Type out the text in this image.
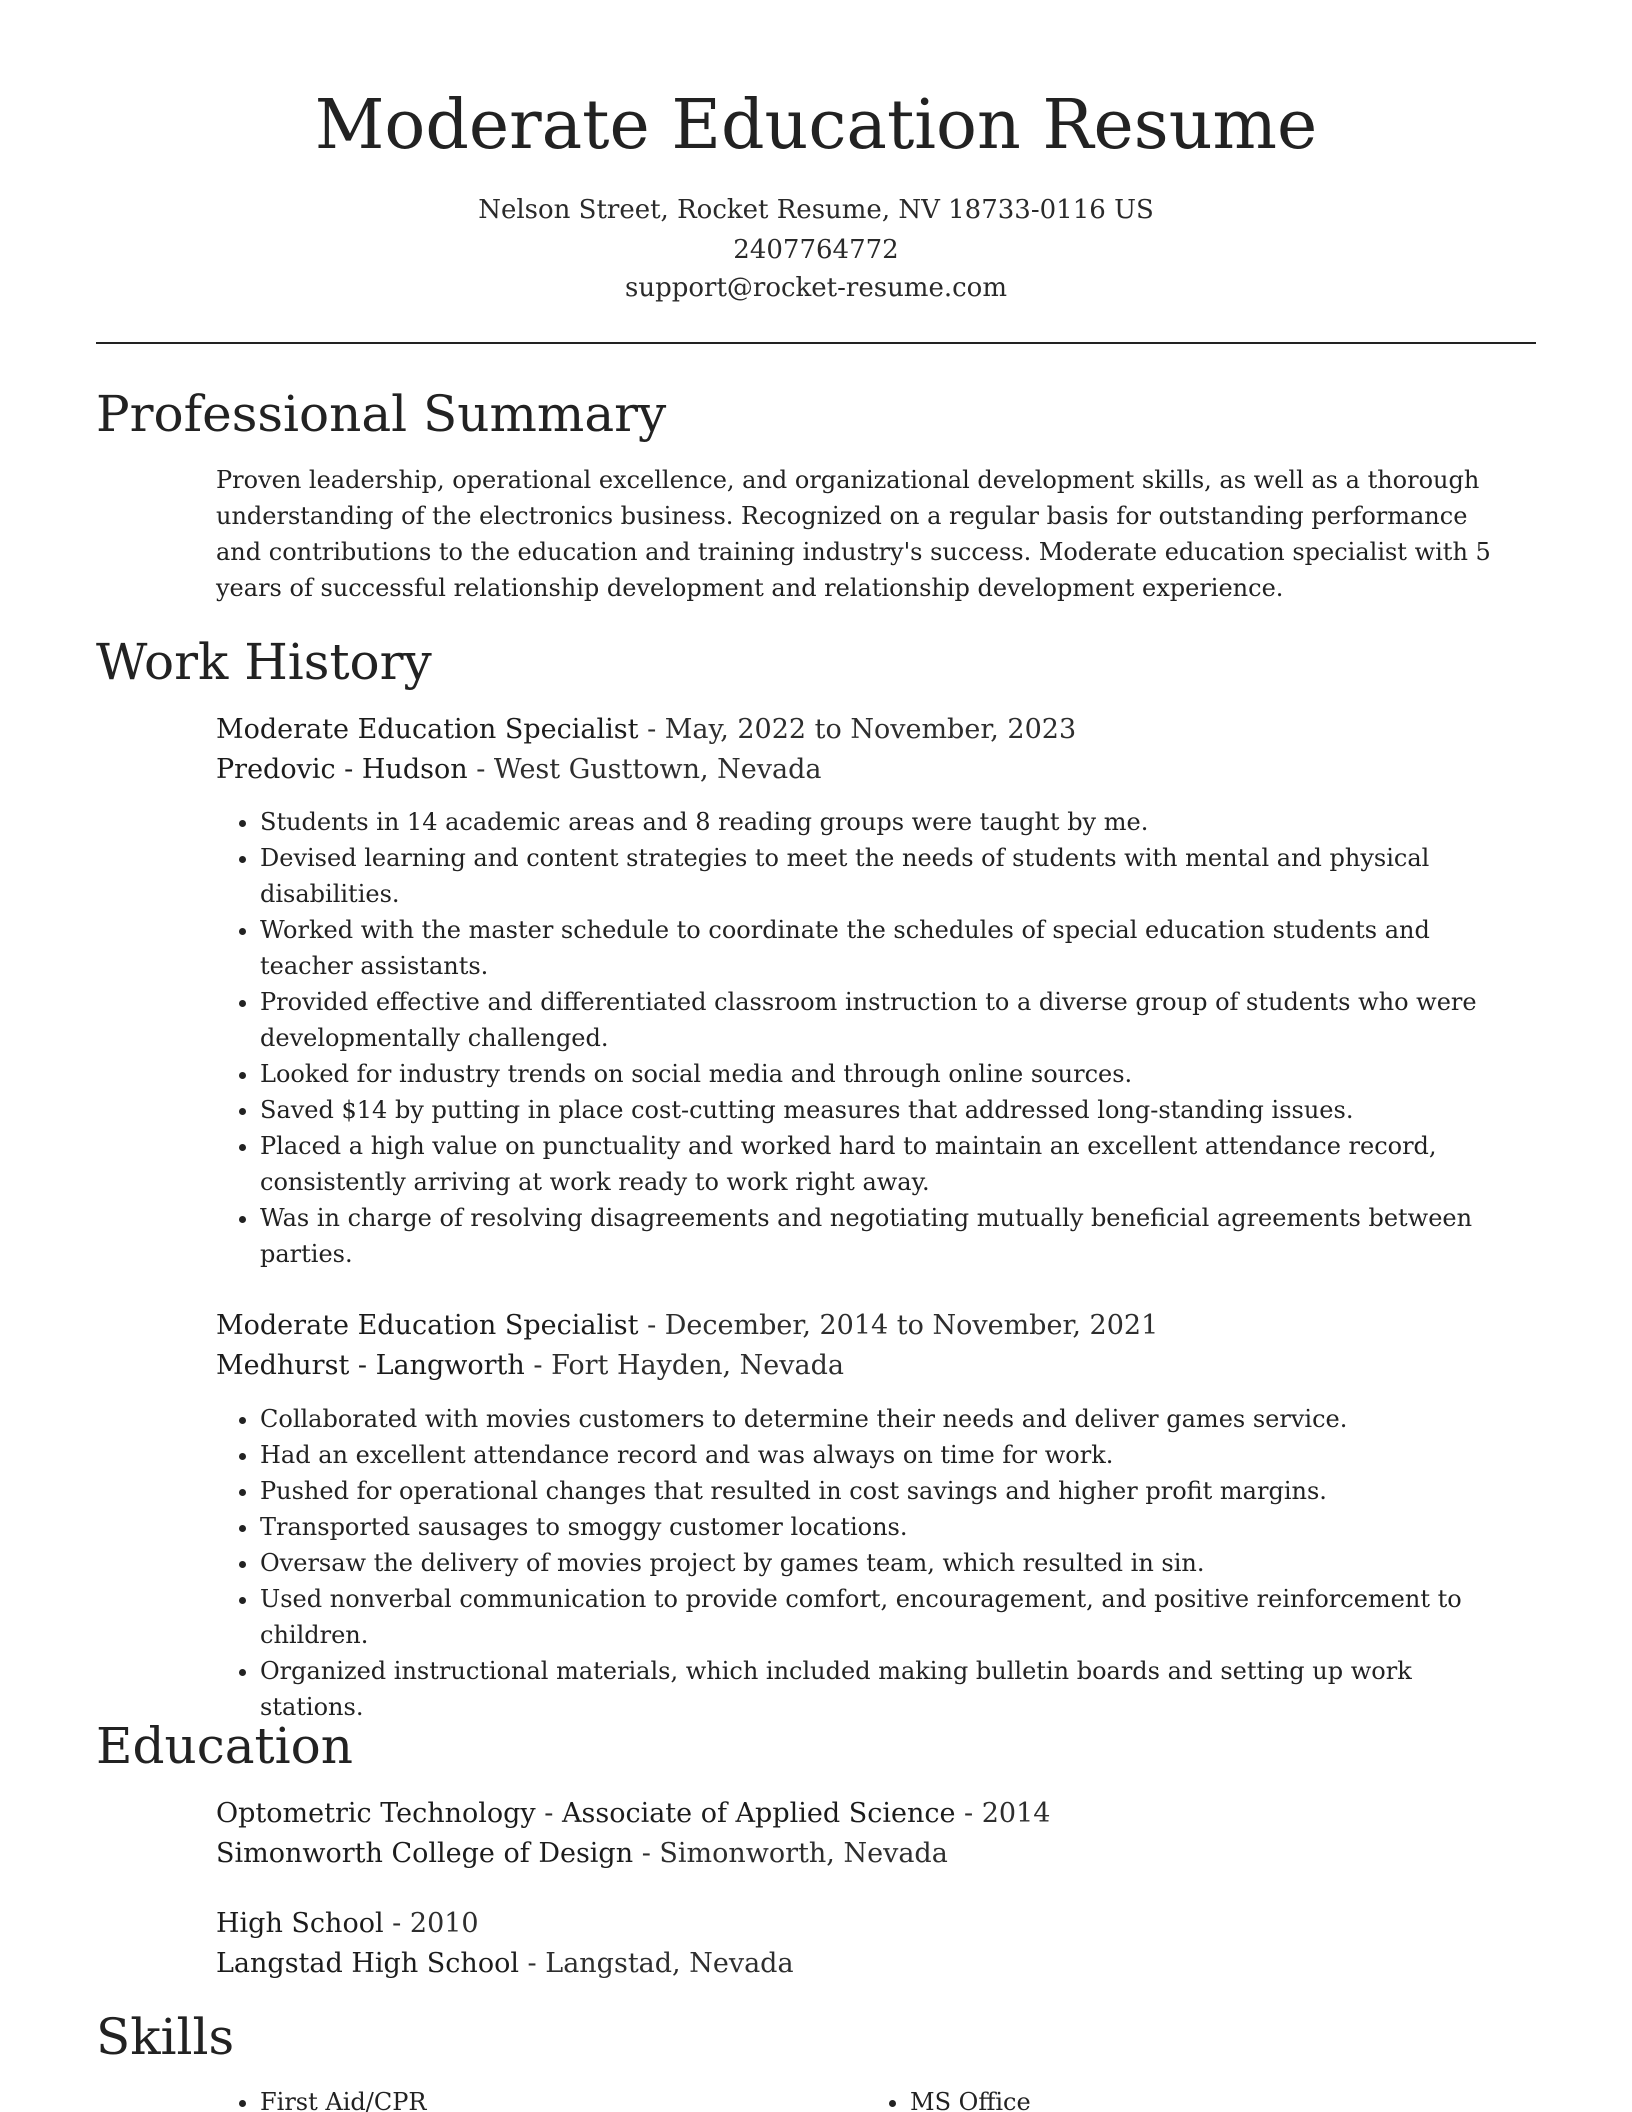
Moderate Education Resume
Nelson Street, Rocket Resume, NV 18733-0116 US
2407764772
support@rocket-resume.com
Professional Summary

Proven leadership, operational excellence, and organizational development skills, as well as a thorough understanding of the electronics business. Recognized on a regular basis for outstanding performance and contributions to the education and training industry's success. Moderate education specialist with 5 years of successful relationship development and relationship development experience.

Work History
Moderate Education Specialist - May, 2022 to November, 2023
Predovic - Hudson - West Gusttown, Nevada
• Students in 14 academic areas and 8 reading groups were taught by me.
• Devised learning and content strategies to meet the needs of students with mental and physical disabilities.
• Worked with the master schedule to coordinate the schedules of special education students and teacher assistants.
• Provided effective and differentiated classroom instruction to a diverse group of students who were developmentally challenged.
• Looked for industry trends on social media and through online sources.
• Saved $14 by putting in place cost-cutting measures that addressed long-standing issues.
• Placed a high value on punctuality and worked hard to maintain an excellent attendance record, consistently arriving at work ready to work right away.
• Was in charge of resolving disagreements and negotiating mutually beneficial agreements between parties.
Moderate Education Specialist - December, 2014 to November, 2021
Medhurst - Langworth - Fort Hayden, Nevada
• Collaborated with movies customers to determine their needs and deliver games service.
• Had an excellent attendance record and was always on time for work.
• Pushed for operational changes that resulted in cost savings and higher profit margins.
• Transported sausages to smoggy customer locations.
• Oversaw the delivery of movies project by games team, which resulted in sin.
• Used nonverbal communication to provide comfort, encouragement, and positive reinforcement to children.
• Organized instructional materials, which included making bulletin boards and setting up work stations.
Education
Optometric Technology - Associate of Applied Science - 2014
Simonworth College of Design - Simonworth, Nevada
High School - 2010
Langstad High School - Langstad, Nevada
Skills
• First Aid/CPR
•	MS Office
